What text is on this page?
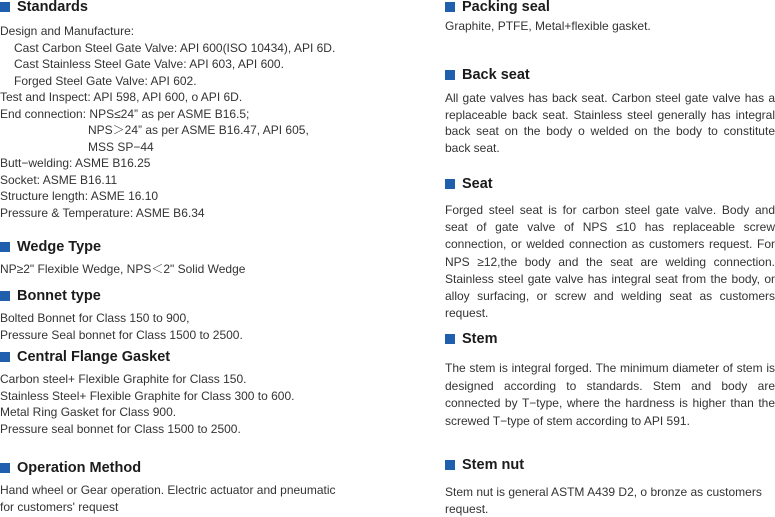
Standards
Design and Manufacture:
Cast Carbon Steel Gate Valve: API 600(ISO 10434), API 6D.
Cast Stainless Steel Gate Valve: API 603, API 600.
Forged Steel Gate Valve: API 602.
Test and Inspect: API 598, API 600, o API 6D.
End connection: NPS≤24” as per ASME B16.5;
NPS＞24” as per ASME B16.47, API 605,
MSS SP−44
Butt−welding: ASME B16.25
Socket: ASME B16.11
Structure length: ASME 16.10
Pressure & Temperature: ASME B6.34
Wedge Type
NP≥2" Flexible Wedge, NPS＜2" Solid Wedge
Bonnet type
Bolted Bonnet for Class 150 to 900,
Pressure Seal bonnet for Class 1500 to 2500.
Central Flange Gasket
Carbon steel+ Flexible Graphite for Class 150.
Stainless Steel+ Flexible Graphite for Class 300 to 600.
Metal Ring Gasket for Class 900.
Pressure seal bonnet for Class 1500 to 2500.
Operation Method
Hand wheel or Gear operation. Electric actuator and pneumatic
for customers' request
Packing seal
Graphite, PTFE, Metal+flexible gasket.
Back seat
All gate valves has back seat. Carbon steel gate valve has a replaceable back seat. Stainless steel generally has integral back seat on the body o welded on the body to constitute back seat.
Seat
Forged steel seat is for carbon steel gate valve. Body and seat of gate valve of NPS ≤10 has replaceable screw connection, or welded connection as customers request. For NPS ≥12,the body and the seat are welding connection. Stainless steel gate valve has integral seat from the body, or alloy surfacing, or screw and welding seat as customers request.
Stem
The stem is integral forged. The minimum diameter of stem is designed according to standards. Stem and body are connected by T−type, where the hardness is higher than the screwed T−type of stem according to API 591.
Stem nut
Stem nut is general ASTM A439 D2, o bronze as customers request.
